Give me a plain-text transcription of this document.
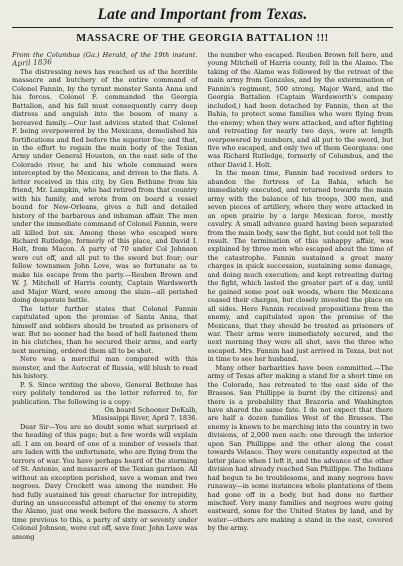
Late and Important from Texas.
MASSACRE OF THE GEORGIA BATTALION !!!

From the Columbus (Ga.) Herald, of the 19th instant. April 1836

The distressing news has reached us of the horrible massacre and butchery of the entire command of Colonel Fannin, by the tyrant monster Santa Anna and his forces. Colonel F. commanded the Georgia Battalion, and his fall must consequently carry deep distress and anguish into the bosom of many a bereaved family.—Our last advices stated that Colonel F. being overpowered by the Mexicans, demolished his fortifications and fled before the superior foe; and that, in the effort to regain the main body of the Texian Army under General Houston, on the east side of the Colorado river, he and his whole command were intercepted by the Mexicans, and driven to the flats. A letter received in this city, by Gen Bethune from his friend, Mr. Lampkin, who had retired from that country with his family, and wrote from on board a vessel bound for New-Orleans, gives a full and detailed history of the barbarous and inhuman affair. The men under the immediate command of Colonel Fannin, were all killed but six. Among those who escaped were Richard Rutledge, formerly of this place, and David I. Holt, from Macon. A party of 70 under Col Johnson were cut off, and all put to the sword but four; our fellow townsmen John Love, was so fortunate as to make his escape from the party.—Reuben Brown and W. J. Mitchell of Harris county, Captain Wardsworth and Major Ward, were among the slain—all perished doing desperate battle.

The letter further states that Colonel Fannin capitulated upon the promise of Santa Anna, that himself and soldiers should be treated as prisoners of war. But no sooner had the head of hell fastened them in his clutches, than he secured their arms, and early next morning, ordered them all to be shot.

Nero was a merciful man compared with this monster, and the Autocrat of Russia, will blush to read his history.

P. S. Since writing the above, General Bethune has very politely tendered us the letter referred to, for publication. The following is a copy:

On board Schooner DeKalb,

Mississippi River, April 7. 1836.

Dear Sir—You are no doubt some what surprised at the heading of this page; but a few words will explain all. I am on board of one of a number of vessels that are laden with the unfortunate, who are flying from the terrors of war. You have perhaps heard of the storming of St. Antonio, and massacre of the Texian garrison. All without an exception perished, save a woman and two negroes. Davy Crockett was among the number. He had fully sustained his great character for intrepidity, during an unsuccessful attempt of the enemy to storm the Alamo, just one week before the massacre. A short time previous to this, a party of sixty or seventy under Colonel Johnson, were cut off, save four. John Love was among

the number who escaped. Reuben Brown fell here, and young Mitchell of Harris county, fell in the Alamo. The taking of the Alamo was followed by the retreat of the main army from Gonzales, and by the extermination of Fannin's regiment, 500 strong. Major Ward, and the Georgia Battalion (Captain Wardsworth's company included,) had been detached by Fannin, then at the Bahia, to protect some families who were flying from the enemy; when they were attacked, and after fighting and retreating for nearly two days, were at length overpowered by numbers, and all put to the sword, but five who escaped, and only two of them Georgians: one was Richard Rutledge, formerly of Columbus, and the other David I. Holt.

In the mean time, Fannin had received orders to abandon the fortress of La Bahia, which he immediately executed, and returned towards the main army with the balance of his troops, 300 men, and seven pieces of artillery, where they were attacked in an open prairie by a large Mexican force, mostly cavalry. A small advance guard having been separated from the main body, saw the fight, but could not tell the result. The termination of this unhappy affair, was explained by three men who escaped about the time of the catastrophe. Fannin sustained a great many charges in quick succession, sustaining some damage, and doing much execution; and kept retreating during the fight, which lasted the greater part of a day, until he gained some post oak woods, where the Mexicans ceased their charges, but closely invested the place on all sides. Here Fannin received propositions from the enemy, and capitulated upon the promise of the Mexicans, that they should be treated as prisoners of war. Their arms were immediately secured, and the next morning they were all shot, save the three who escaped. Mrs. Fannin had just arrived in Texas, but not in time to see her husband.

Many other barbarities have been committed.—The army of Texas after making a stand for a short time on the Colorado, has retreated to the east side of the Brassos. San Phillippe is burnt (by the citizens) and there is a probability that Brazoria and Washington have shared the same fate. I do not expect that there are half a dozen families West of the Brassos. The enemy is known to be marching into the country in two divisions, of 2,000 men each: one through the interior upon San Phillippe and the other along the coast towards Velasco. They were constantly expected at the latter place when I left it, and the advance of the other division had already reached San Phillippe. The Indians had begun to be troublesome, and many negroes have runaway—in some instances whole plantations of them had gone off in a body, but had done no farther mischief. Very many families and negroes were going eastward, some for the United States by land, and by water—others are making a stand in the east, covered by the army.
